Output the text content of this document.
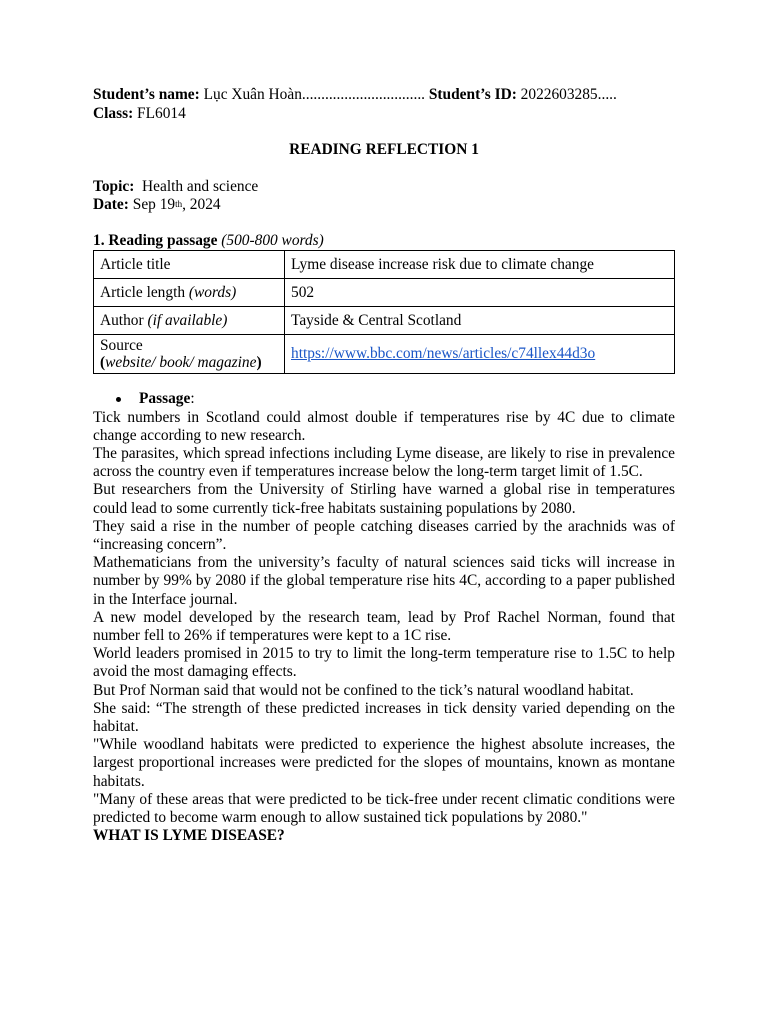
Student’s name: Lục Xuân Hoàn................................ Student’s ID: 2022603285.....
Class: FL6014
READING REFLECTION 1
Topic:  Health and science
Date: Sep 19th, 2024
1. Reading passage (500-800 words)
Article title	Lyme disease increase risk due to climate change
Article length (words)	502
Author (if available)	Tayside & Central Scotland
Source
(website/ book/ magazine)	https://www.bbc.com/news/articles/c74llex44d3o
Passage:
Tick numbers in Scotland could almost double if temperatures rise by 4C due to climate change according to new research.
The parasites, which spread infections including Lyme disease, are likely to rise in prevalence across the country even if temperatures increase below the long-term target limit of 1.5C.
But researchers from the University of Stirling have warned a global rise in temperatures could lead to some currently tick-free habitats sustaining populations by 2080.
They said a rise in the number of people catching diseases carried by the arachnids was of “increasing concern”.
Mathematicians from the university’s faculty of natural sciences said ticks will increase in number by 99% by 2080 if the global temperature rise hits 4C, according to a paper published in the Interface journal.
A new model developed by the research team, lead by Prof Rachel Norman, found that number fell to 26% if temperatures were kept to a 1C rise.
World leaders promised in 2015 to try to limit the long-term temperature rise to 1.5C to help avoid the most damaging effects.
But Prof Norman said that would not be confined to the tick’s natural woodland habitat.
She said: “The strength of these predicted increases in tick density varied depending on the habitat.
"While woodland habitats were predicted to experience the highest absolute increases, the largest proportional increases were predicted for the slopes of mountains, known as montane habitats.
"Many of these areas that were predicted to be tick-free under recent climatic conditions were predicted to become warm enough to allow sustained tick populations by 2080."
WHAT IS LYME DISEASE?
